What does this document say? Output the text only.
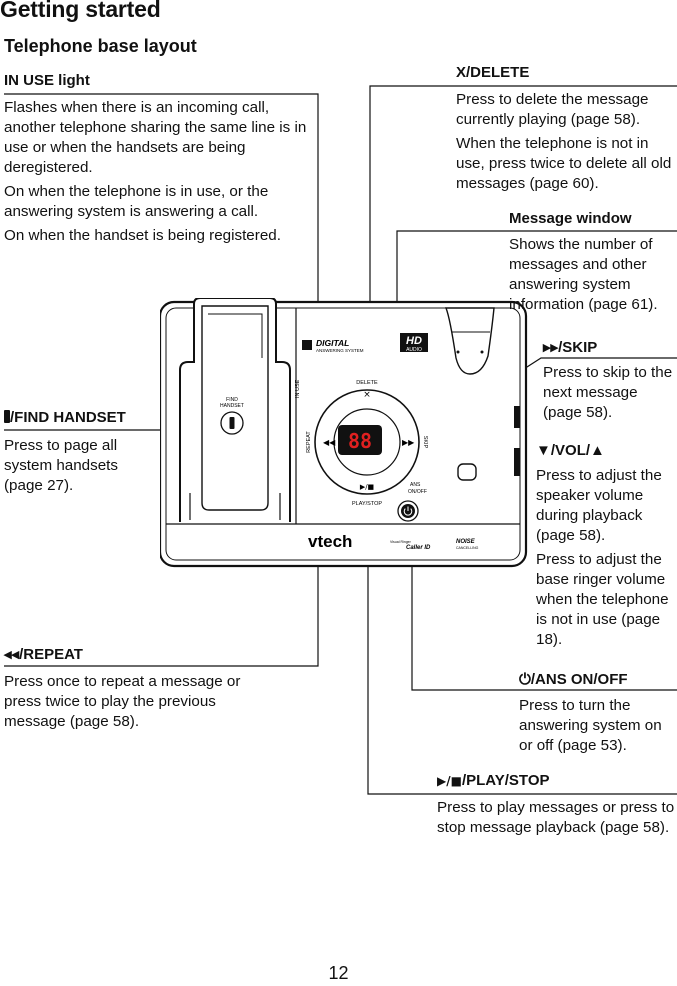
Getting started
Telephone base layout
DIGITAL
ANSWERING SYSTEM
HD
AUDIO
IN USE
FIND
HANDSET
88
DELETE
×
REPEAT	SKIP
◀◀	▶▶
▶/■
PLAY/STOP
ANS
ON/OFF
vtech	Visual Ringer
Caller ID
NOISE
CANCELLING
IN USE light

Flashes when there is an incoming call, another telephone sharing the same line is in use or when the handsets are being deregistered.

On when the telephone is in use, or the answering system is answering a call.

On when the handset is being registered.

X/DELETE

Press to delete the message currently playing (page 58).

When the telephone is not in use, press twice to delete all old messages (page 60).

Message window

Shows the number of messages and other answering system information (page 61).

▸▸/SKIP

Press to skip to the next message (page 58).

/FIND HANDSET

Press to page all system handsets (page 27).

▼/VOL/▲

Press to adjust the speaker volume during playback (page 58).

Press to adjust the base ringer volume when the telephone is not in use (page 18).

◂◂/REPEAT

Press once to repeat a message or press twice to play the previous message (page 58).

⏻/ANS ON/OFF

Press to turn the answering system on or off (page 53).

▶/■/PLAY/STOP

Press to play messages or press to stop message playback (page 58).

12
